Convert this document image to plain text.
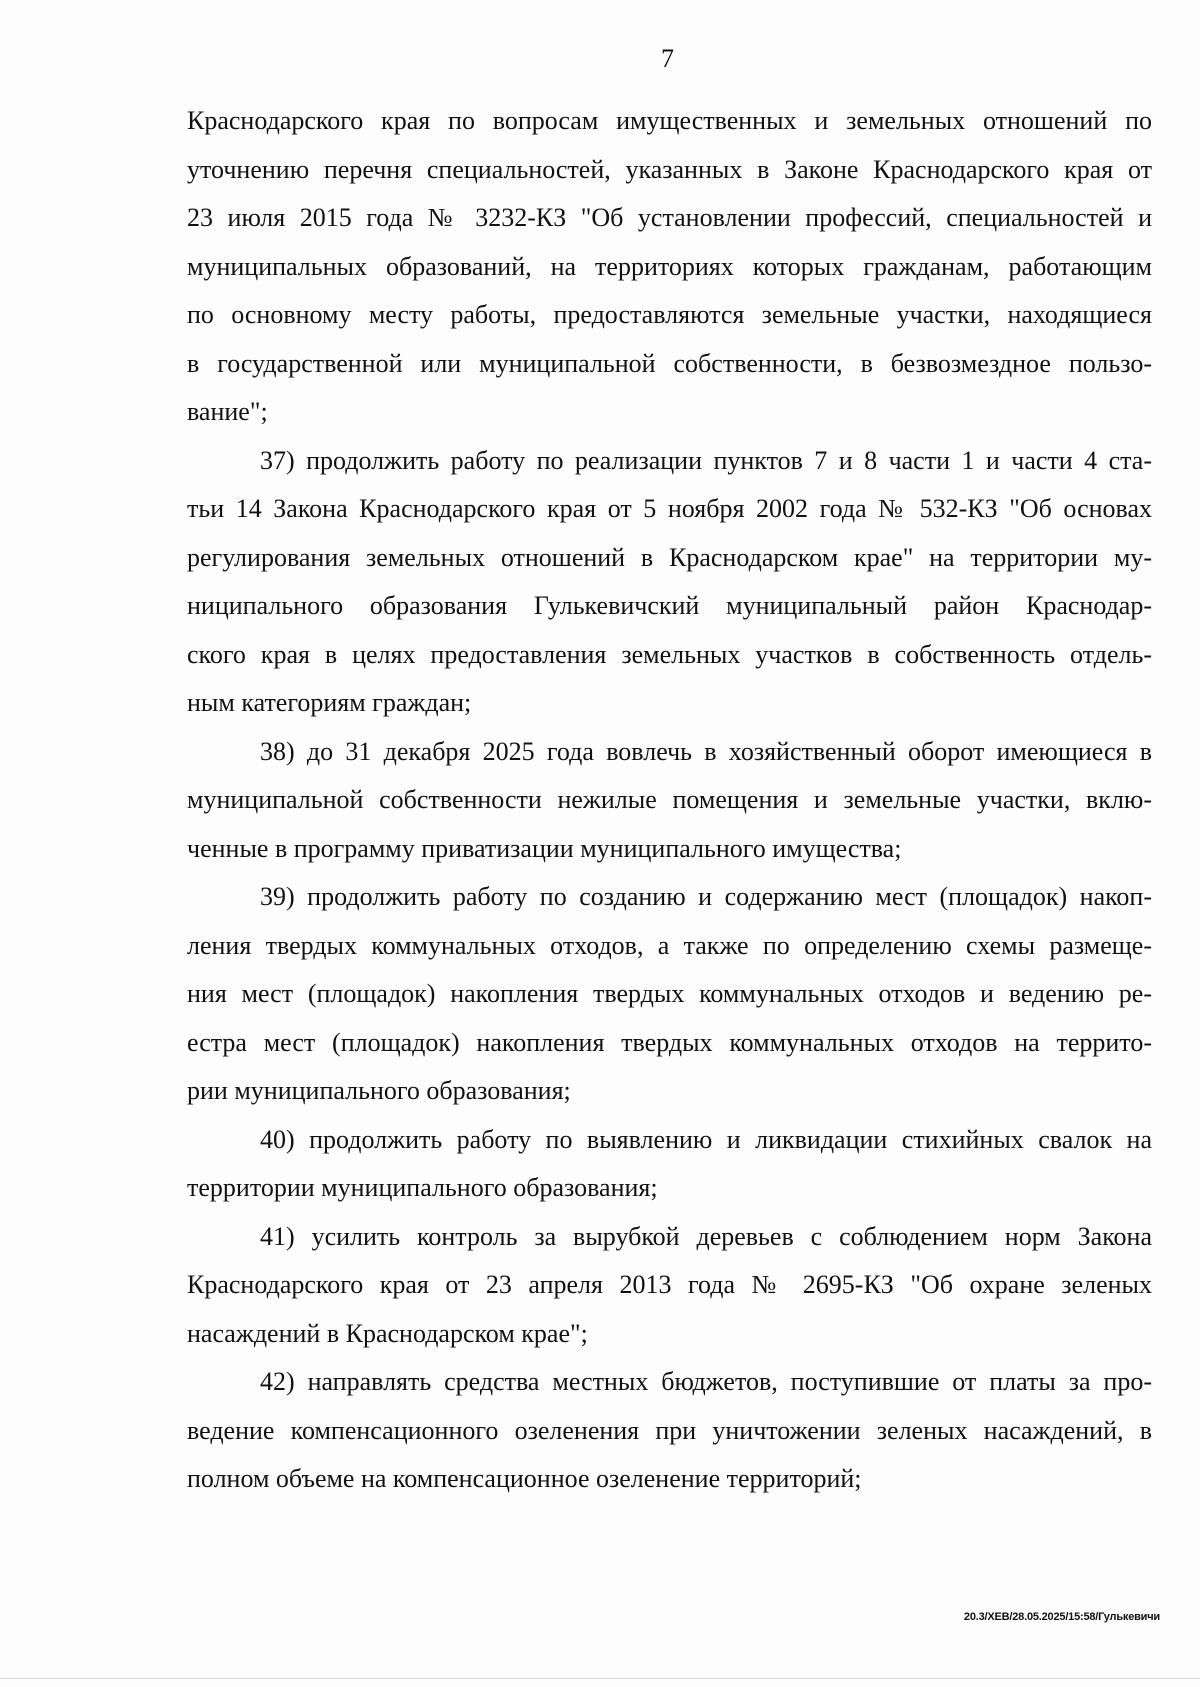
7
Краснодарского края по вопросам имущественных и земельных отношений по
уточнению перечня специальностей, указанных в Законе Краснодарского края от
23 июля 2015 года № 3232-КЗ "Об установлении профессий, специальностей и
муниципальных образований, на территориях которых гражданам, работающим
по основному месту работы, предоставляются земельные участки, находящиеся
в государственной или муниципальной собственности, в безвозмездное пользо-
вание";
37) продолжить работу по реализации пунктов 7 и 8 части 1 и части 4 ста-
тьи 14 Закона Краснодарского края от 5 ноября 2002 года № 532-КЗ "Об основах
регулирования земельных отношений в Краснодарском крае" на территории му-
ниципального образования Гулькевичский муниципальный район Краснодар-
ского края в целях предоставления земельных участков в собственность отдель-
ным категориям граждан;
38) до 31 декабря 2025 года вовлечь в хозяйственный оборот имеющиеся в
муниципальной собственности нежилые помещения и земельные участки, вклю-
ченные в программу приватизации муниципального имущества;
39) продолжить работу по созданию и содержанию мест (площадок) накоп-
ления твердых коммунальных отходов, а также по определению схемы размеще-
ния мест (площадок) накопления твердых коммунальных отходов и ведению ре-
естра мест (площадок) накопления твердых коммунальных отходов на террито-
рии муниципального образования;
40) продолжить работу по выявлению и ликвидации стихийных свалок на
территории муниципального образования;
41) усилить контроль за вырубкой деревьев с соблюдением норм Закона
Краснодарского края от 23 апреля 2013 года № 2695-КЗ "Об охране зеленых
насаждений в Краснодарском крае";
42) направлять средства местных бюджетов, поступившие от платы за про-
ведение компенсационного озеленения при уничтожении зеленых насаждений, в
полном объеме на компенсационное озеленение территорий;
20.3/ХЕВ/28.05.2025/15:58/Гулькевичи
